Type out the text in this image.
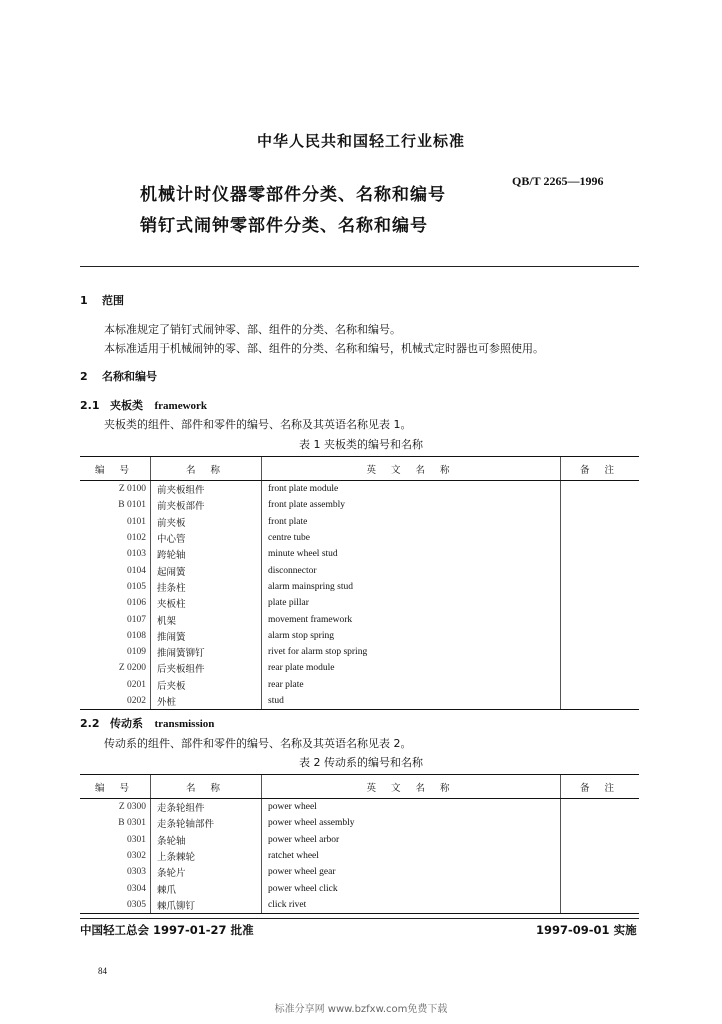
中华人民共和国轻工行业标准
QB/T 2265—1996
机械计时仪器零部件分类、名称和编号
销钉式闹钟零部件分类、名称和编号
1 范围
本标准规定了销钉式闹钟零、部、组件的分类、名称和编号。
本标准适用于机械闹钟的零、部、组件的分类、名称和编号，机械式定时器也可参照使用。
2 名称和编号
2.1 夹板类 framework
夹板类的组件、部件和零件的编号、名称及其英语名称见表 1。
表 1 夹板类的编号和名称
编 号	名 称	英 文 名 称	备 注
Z 0100	前夹板组件	front plate module	
B 0101	前夹板部件	front plate assembly	
0101	前夹板	front plate	
0102	中心管	centre tube	
0103	跨轮轴	minute wheel stud	
0104	起闹簧	disconnector	
0105	挂条柱	alarm mainspring stud	
0106	夹板柱	plate pillar	
0107	机架	movement framework	
0108	推闹簧	alarm stop spring	
0109	推闹簧铆钉	rivet for alarm stop spring	
Z 0200	后夹板组件	rear plate module	
0201	后夹板	rear plate	
0202	外桩	stud	
2.2 传动系 transmission
传动系的组件、部件和零件的编号、名称及其英语名称见表 2。
表 2 传动系的编号和名称
编 号	名 称	英 文 名 称	备 注
Z 0300	走条轮组件	power wheel	
B 0301	走条轮轴部件	power wheel assembly	
0301	条轮轴	power wheel arbor	
0302	上条棘轮	ratchet wheel	
0303	条轮片	power wheel gear	
0304	棘爪	power wheel click	
0305	棘爪铆钉	click rivet	
中国轻工总会 1997-01-27 批准	1997-09-01 实施
84
标准分享网 www.bzfxw.com免费下载
